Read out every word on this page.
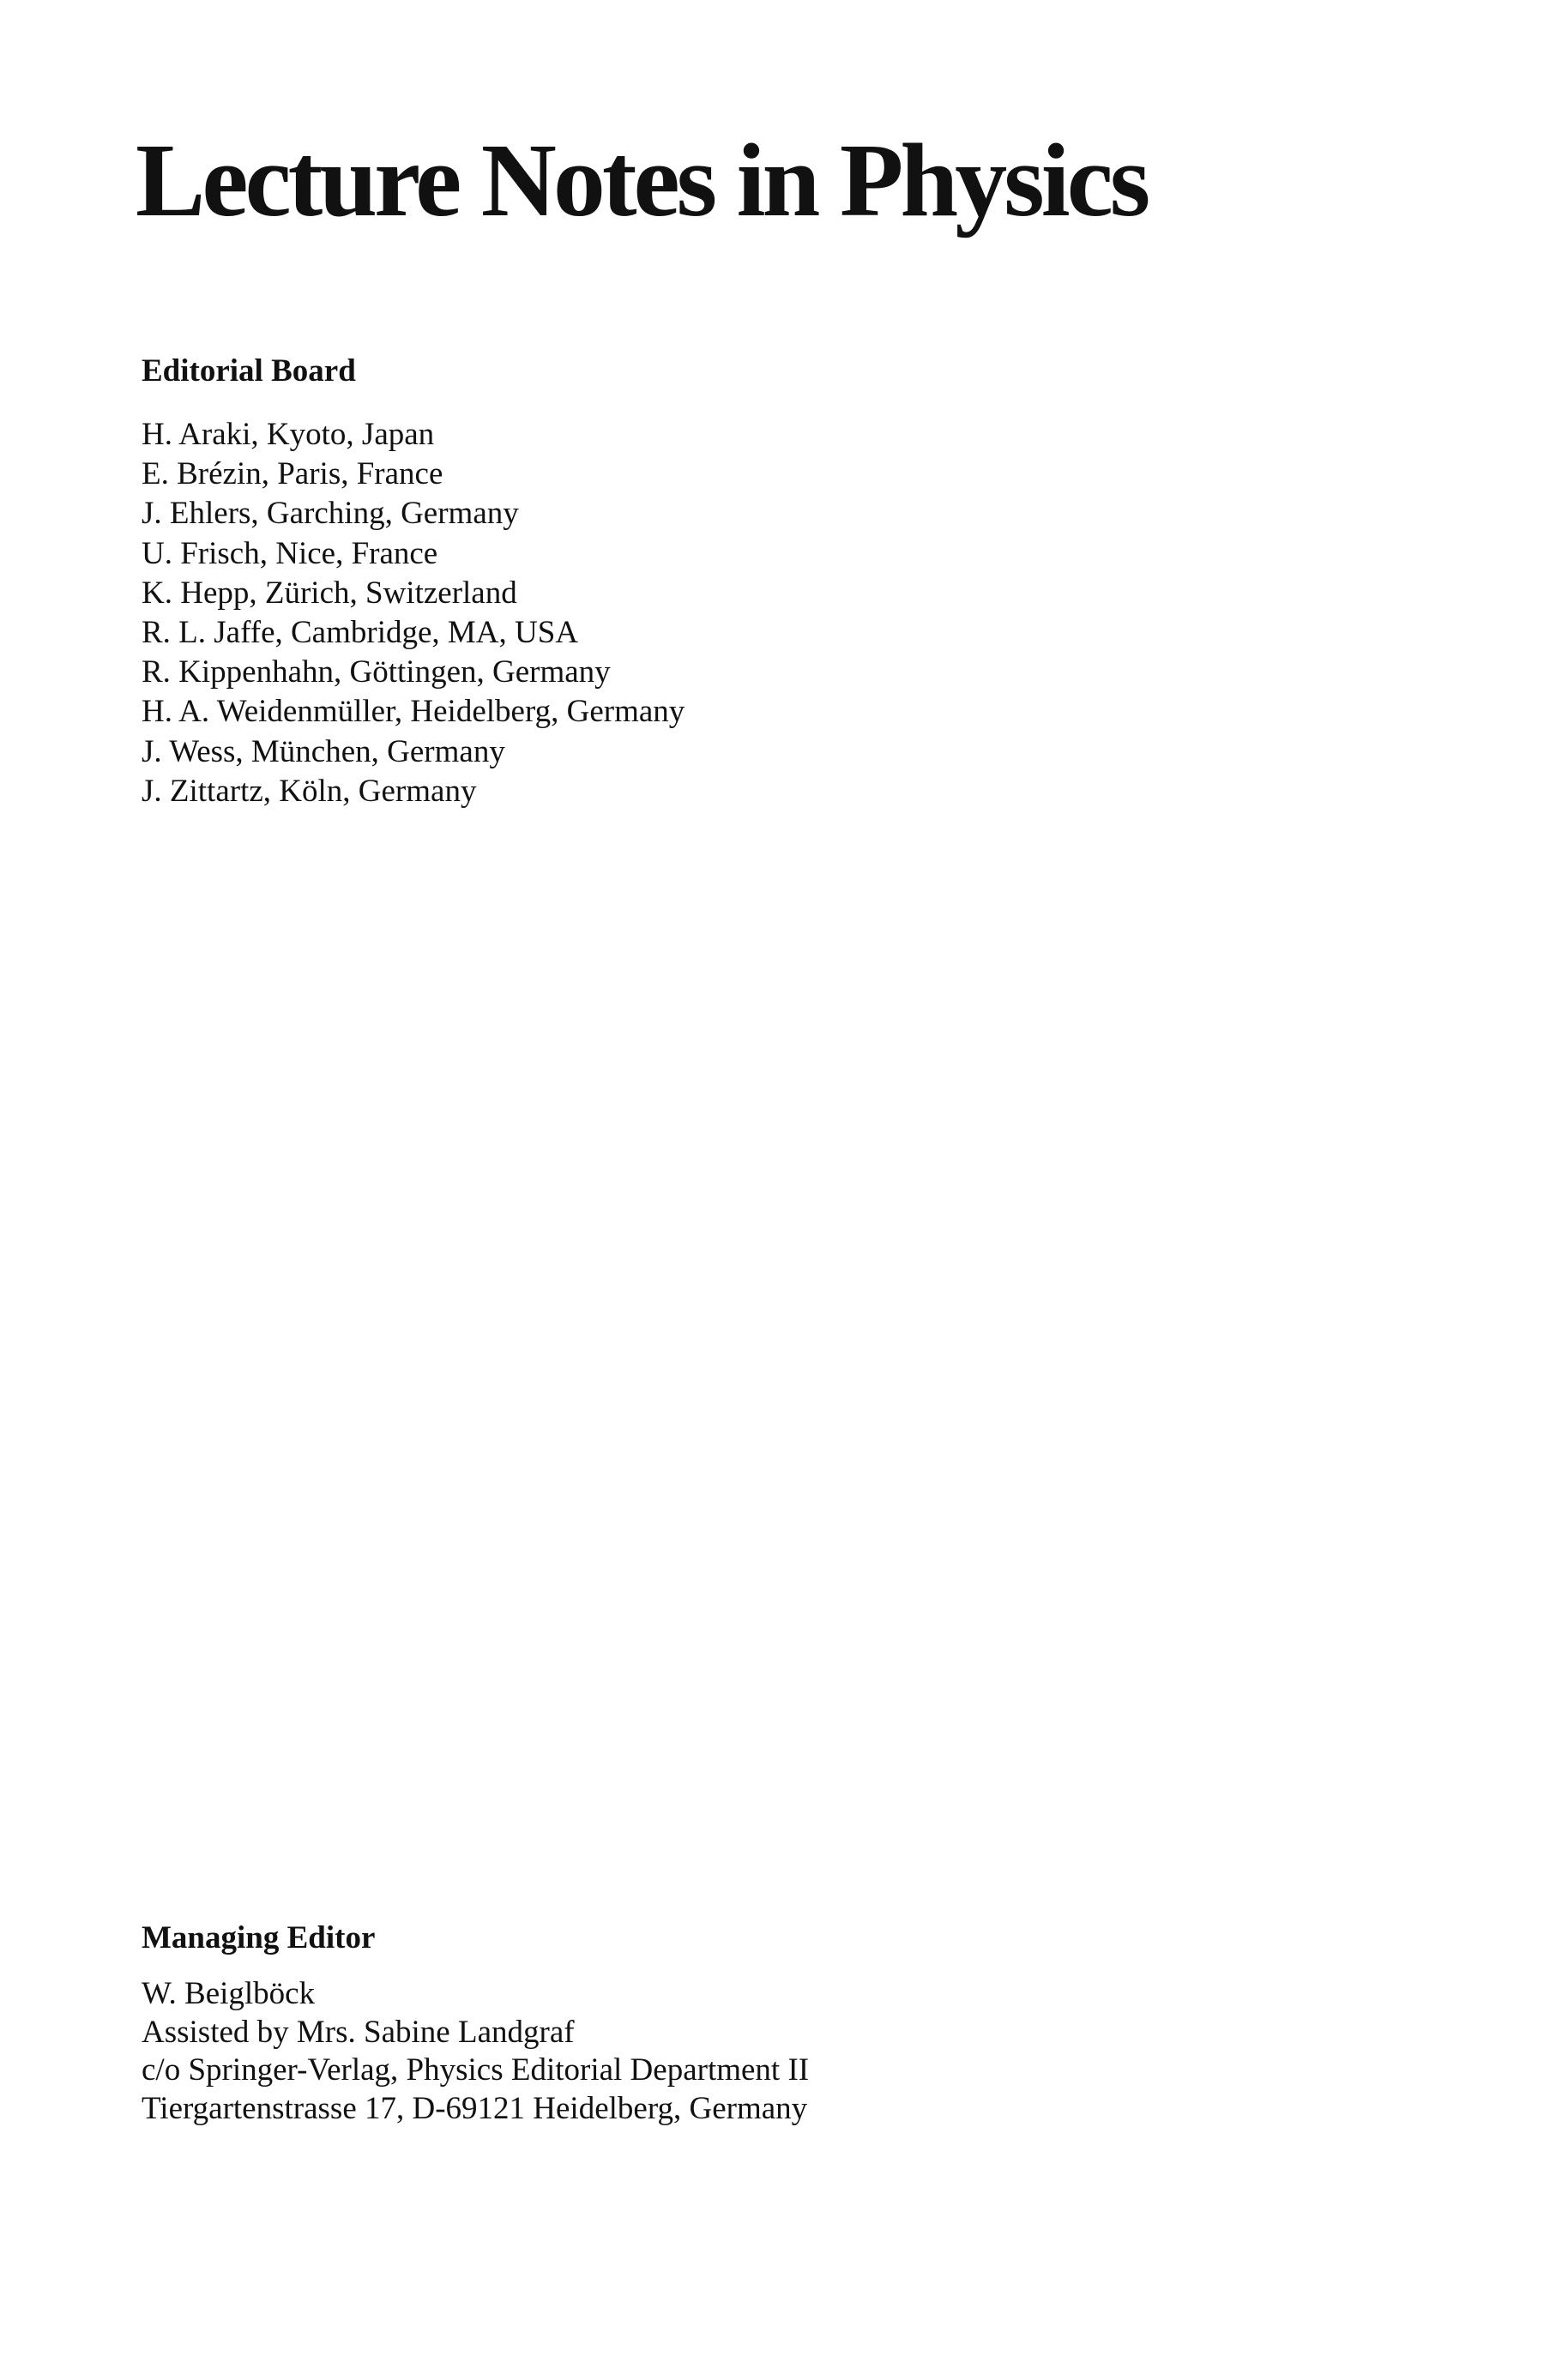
Lecture Notes in Physics
Editorial Board
H. Araki, Kyoto, Japan
E. Brézin, Paris, France
J. Ehlers, Garching, Germany
U. Frisch, Nice, France
K. Hepp, Zürich, Switzerland
R. L. Jaffe, Cambridge, MA, USA
R. Kippenhahn, Göttingen, Germany
H. A. Weidenmüller, Heidelberg, Germany
J. Wess, München, Germany
J. Zittartz, Köln, Germany
Managing Editor
W. Beiglböck
Assisted by Mrs. Sabine Landgraf
c/o Springer-Verlag, Physics Editorial Department II
Tiergartenstrasse 17, D-69121 Heidelberg, Germany
